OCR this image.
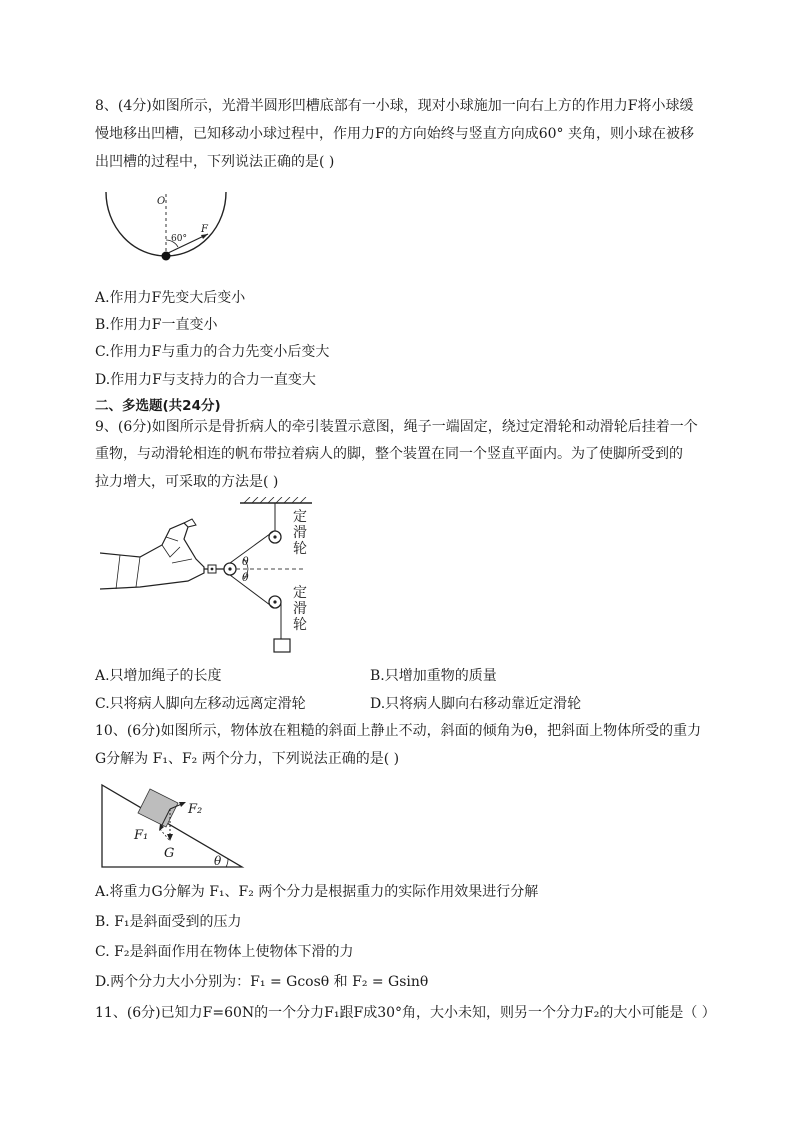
8、(4分)如图所示，光滑半圆形凹槽底部有一小球，现对小球施加一向右上方的作用力F将小球缓
慢地移出凹槽，已知移动小球过程中，作用力F的方向始终与竖直方向成60° 夹角，则小球在被移
出凹槽的过程中，下列说法正确的是( )
O
60°
F
A.作用力F先变大后变小
B.作用力F一直变小
C.作用力F与重力的合力先变小后变大
D.作用力F与支持力的合力一直变大
二、多选题(共24分)
9、(6分)如图所示是骨折病人的牵引装置示意图，绳子一端固定，绕过定滑轮和动滑轮后挂着一个
重物，与动滑轮相连的帆布带拉着病人的脚，整个装置在同一个竖直平面内。为了使脚所受到的
拉力增大，可采取的方法是( )
θ
θ
定滑轮
定滑轮
A.只增加绳子的长度	B.只增加重物的质量
C.只将病人脚向左移动远离定滑轮	D.只将病人脚向右移动靠近定滑轮
10、(6分)如图所示，物体放在粗糙的斜面上静止不动，斜面的倾角为θ，把斜面上物体所受的重力
G分解为 F₁、F₂ 两个分力，下列说法正确的是( )
F₂
F₁
G	θ
A.将重力G分解为 F₁、F₂ 两个分力是根据重力的实际作用效果进行分解
B. F₁是斜面受到的压力
C. F₂是斜面作用在物体上使物体下滑的力
D.两个分力大小分别为：F₁ = Gcosθ 和 F₂ = Gsinθ
11、(6分)已知力F=60N的一个分力F₁跟F成30°角，大小未知，则另一个分力F₂的大小可能是（ ）
